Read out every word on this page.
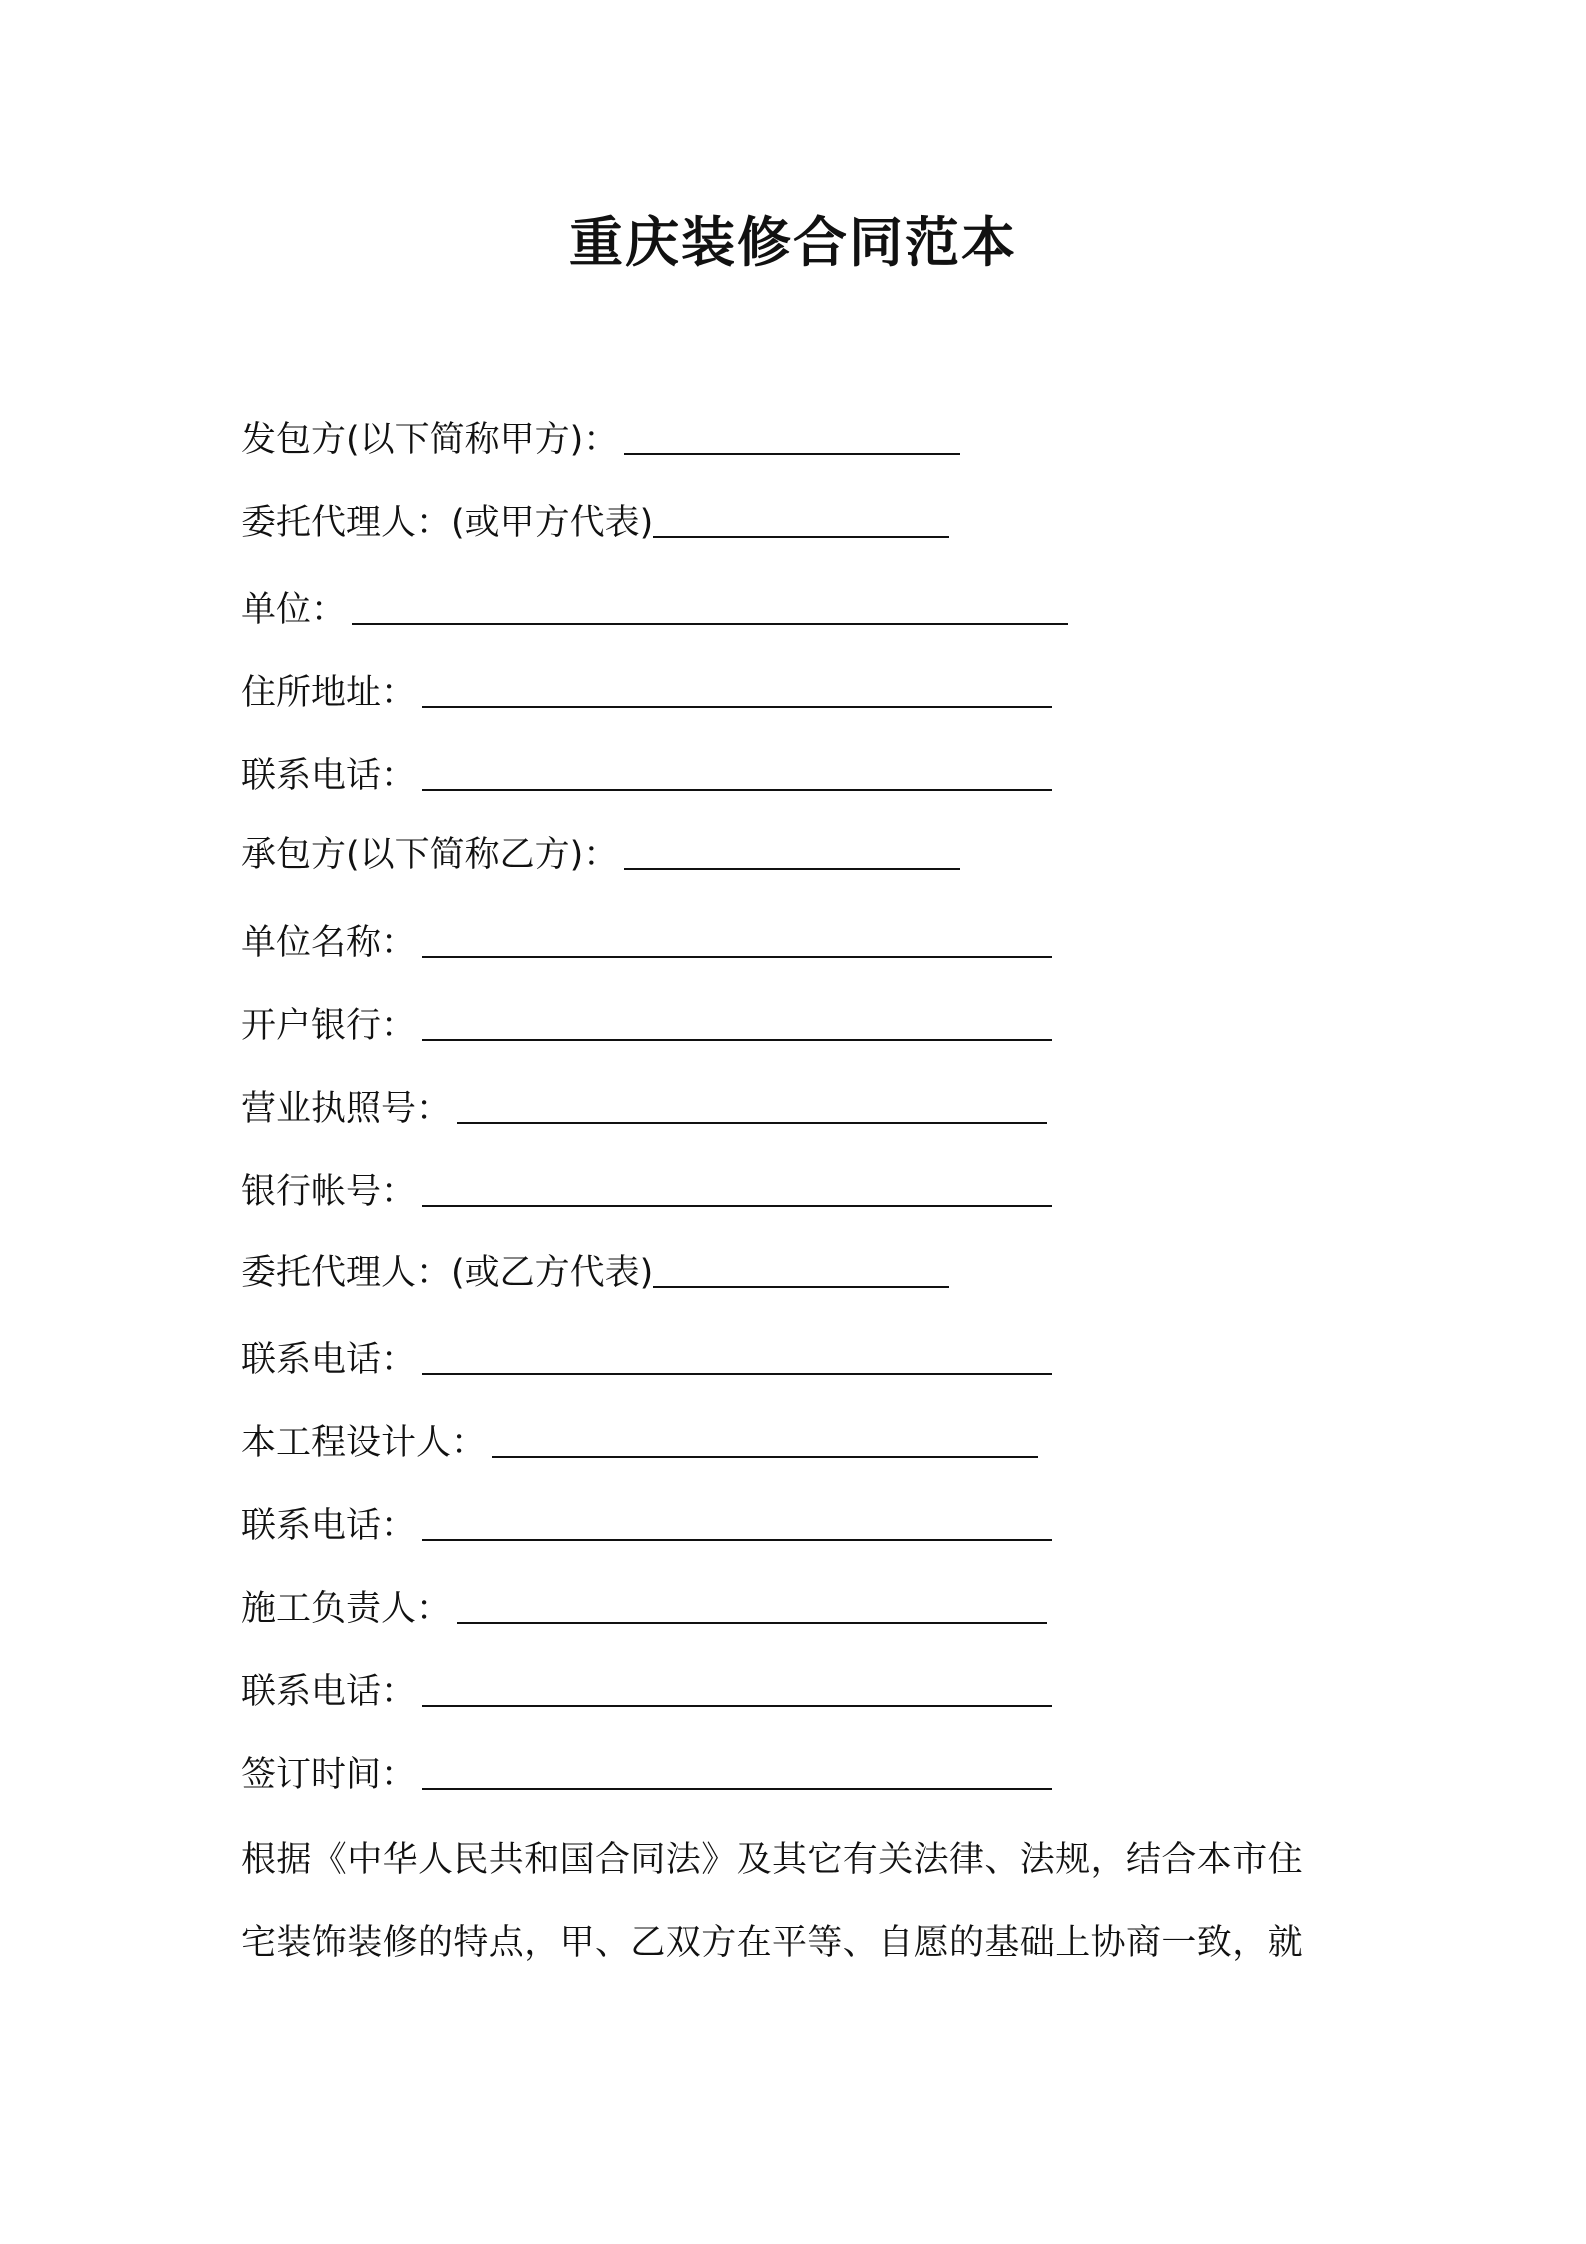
重庆装修合同范本
发包方(以下简称甲方)：
委托代理人：(或甲方代表)
单位：
住所地址：
联系电话：
承包方(以下简称乙方)：
单位名称：
开户银行：
营业执照号：
银行帐号：
委托代理人：(或乙方代表)
联系电话：
本工程设计人：
联系电话：
施工负责人：
联系电话：
签订时间：
根据《中华人民共和国合同法》及其它有关法律、法规，结合本市住
宅装饰装修的特点，甲、乙双方在平等、自愿的基础上协商一致，就
